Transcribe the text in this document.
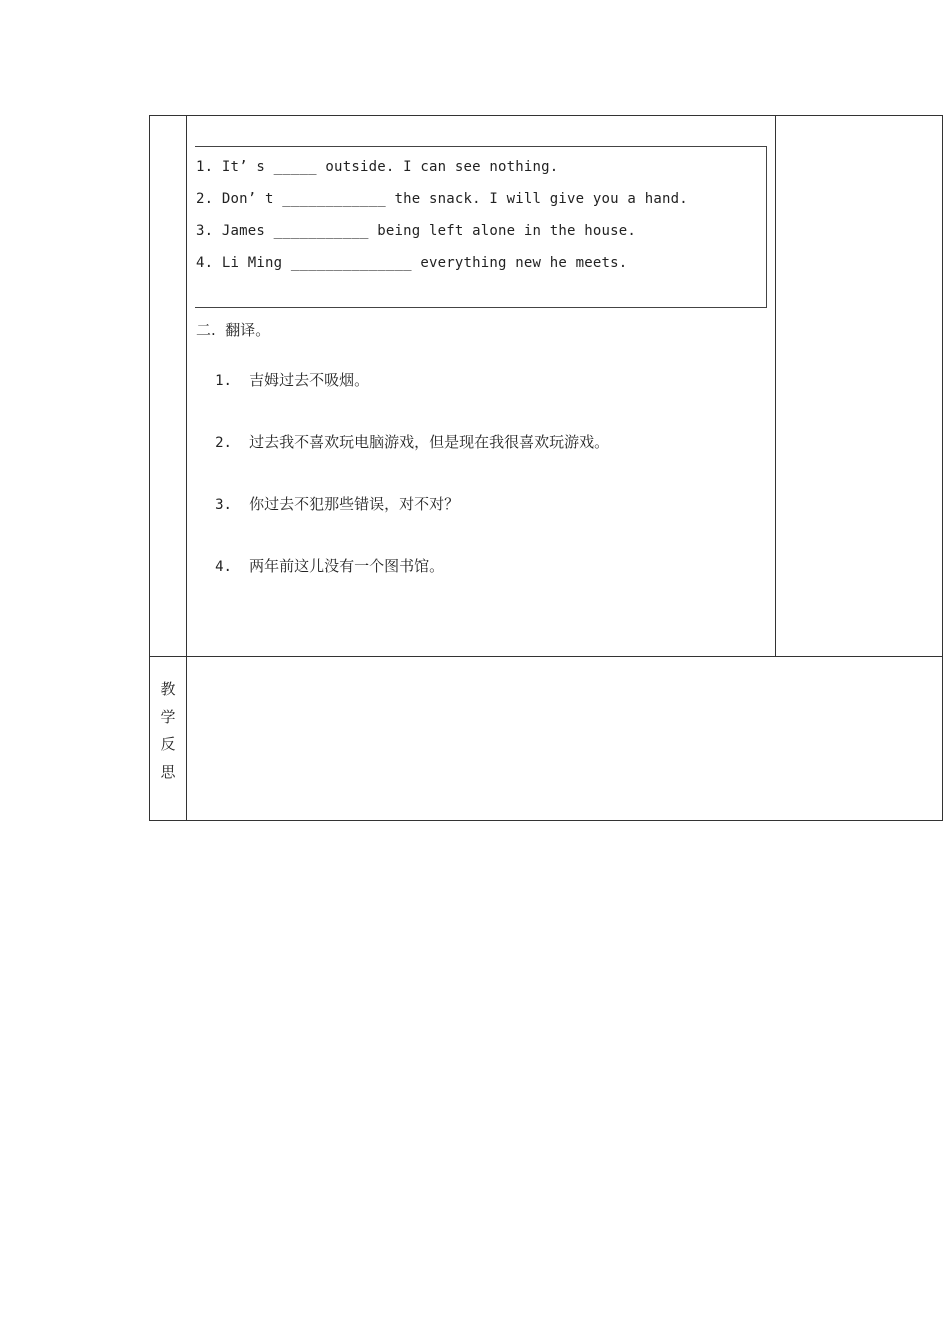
1. It’ s _____ outside. I can see nothing.
2. Don’ t ____________ the snack. I will give you a hand.
3. James ___________ being left alone in the house.
4. Li Ming ______________ everything new he meets.
二.  翻译。

1. 吉姆过去不吸烟。

2. 过去我不喜欢玩电脑游戏，但是现在我很喜欢玩游戏。

3. 你过去不犯那些错误，对不对？

4. 两年前这儿没有一个图书馆。

教
学
反
思
